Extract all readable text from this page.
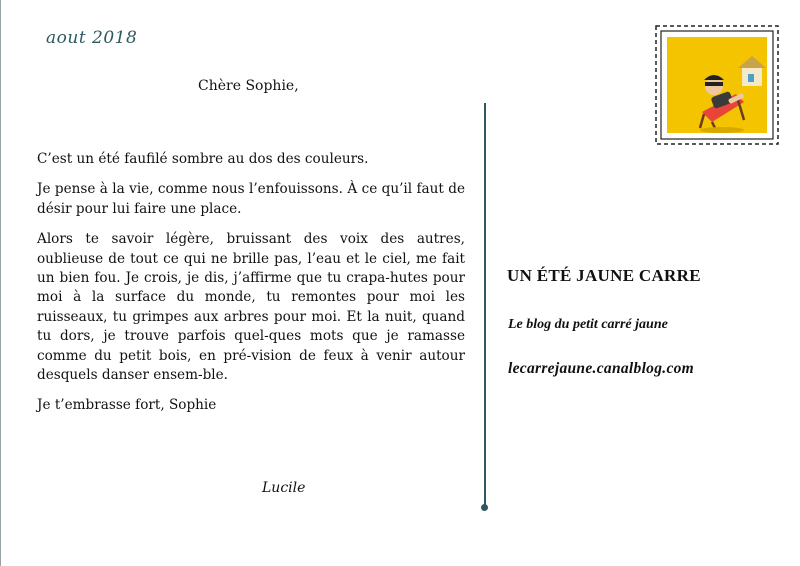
aout 2018
Chère Sophie,

C’est un été faufilé sombre au dos des couleurs.

Je pense à la vie, comme nous l’enfouissons. À ce qu’il faut de désir pour lui faire une place.

Alors te savoir légère, bruissant des voix des autres, oublieuse de tout ce qui ne brille pas, l’eau et le ciel, me fait un bien fou. Je crois, je dis, j’affirme que tu crapa-hutes pour moi à la surface du monde, tu remontes pour moi les ruisseaux, tu grimpes aux arbres pour moi. Et la nuit, quand tu dors, je trouve parfois quel-ques mots que je ramasse comme du petit bois, en pré-vision de feux à venir autour desquels danser ensem-ble.

Je t’embrasse fort, Sophie

Lucile
UN ÉTÉ JAUNE CARRE
Le blog du petit carré jaune
lecarrejaune.canalblog.com
